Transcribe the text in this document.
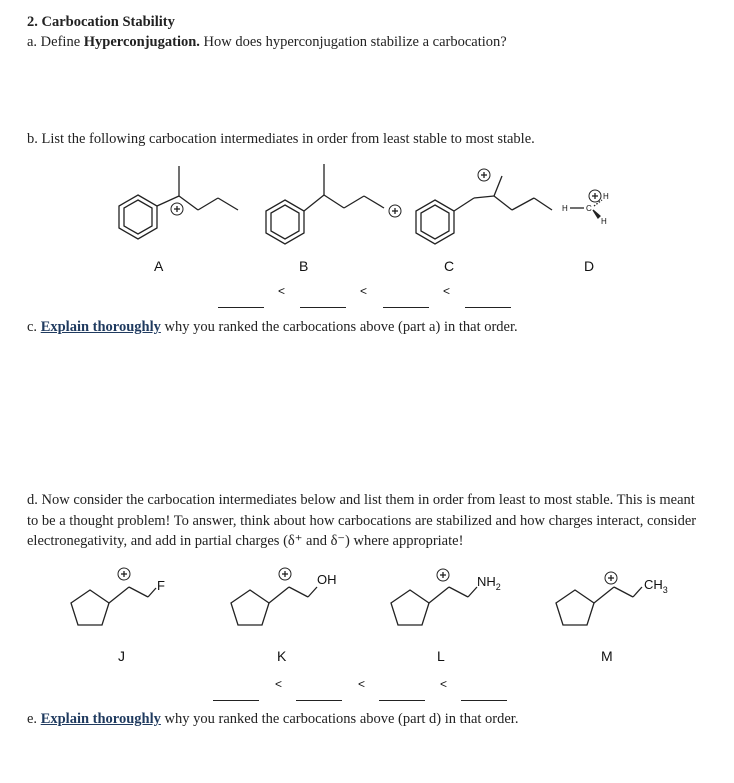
2. Carbocation Stability
a. Define Hyperconjugation. How does hyperconjugation stabilize a carbocation?
b. List the following carbocation intermediates in order from least stable to most stable.
H C
H
H
A	B	C	D
<	<	<
c. Explain thoroughly why you ranked the carbocations above (part a) in that order.
d. Now consider the carbocation intermediates below and list them in order from least to most stable. This is meant to be a thought problem! To answer, think about how carbocations are stabilized and how charges interact, consider electronegativity, and add in partial charges (δ⁺ and δ⁻) where appropriate!
F	OH	$NH_2$	$CH_3$
J	K	L	M
<	<	<
e. Explain thoroughly why you ranked the carbocations above (part d) in that order.
